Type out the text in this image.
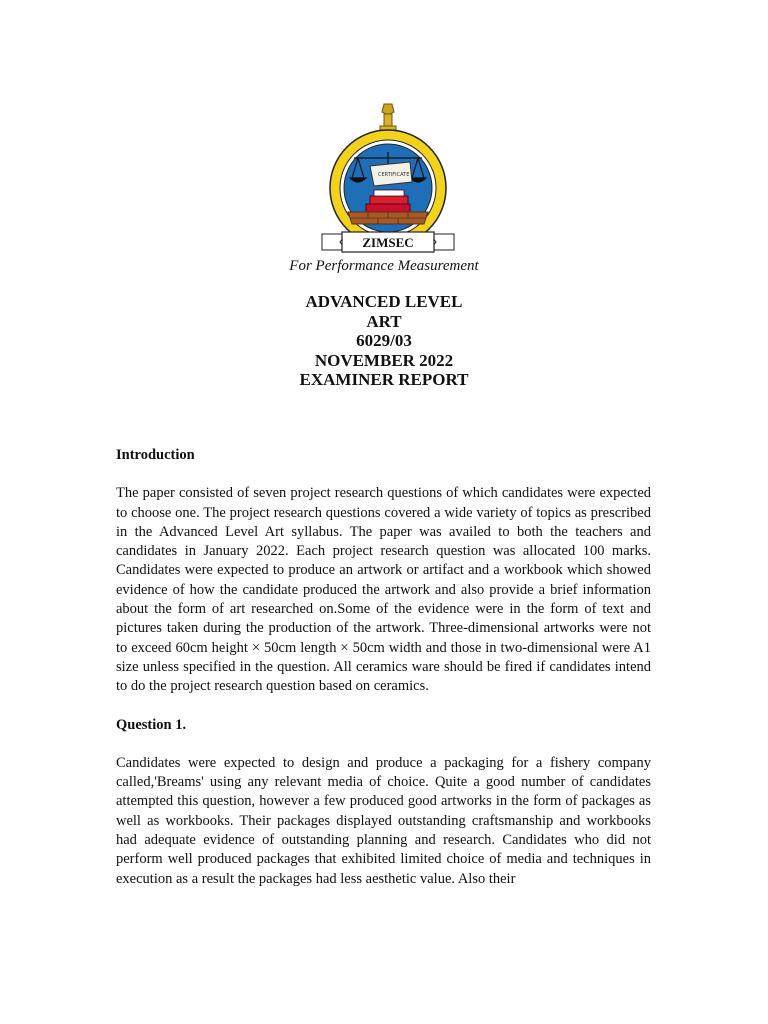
CERTIFICATE
ZIMSEC
For Performance Measurement
ADVANCED LEVEL
ART
6029/03
NOVEMBER 2022
EXAMINER REPORT
Introduction

The paper consisted of seven project research questions of which candidates were expected to choose one. The project research questions covered a wide variety of topics as prescribed in the Advanced Level Art syllabus. The paper was availed to both the teachers and candidates in January 2022. Each project research question was allocated 100 marks. Candidates were expected to produce an artwork or artifact and a workbook which showed evidence of how the candidate produced the artwork and also provide a brief information about the form of art researched on.Some of the evidence were in the form of text and pictures taken during the production of the artwork. Three-dimensional artworks were not to exceed 60cm height × 50cm length × 50cm width and those in two-dimensional were A1 size unless specified in the question. All ceramics ware should be fired if candidates intend to do the project research question based on ceramics.

Question 1.

Candidates were expected to design and produce a packaging for a fishery company called,'Breams' using any relevant media of choice. Quite a good number of candidates attempted this question, however a few produced good artworks in the form of packages as well as workbooks. Their packages displayed outstanding craftsmanship and workbooks had adequate evidence of outstanding planning and research. Candidates who did not perform well produced packages that exhibited limited choice of media and techniques in execution as a result the packages had less aesthetic value. Also their
